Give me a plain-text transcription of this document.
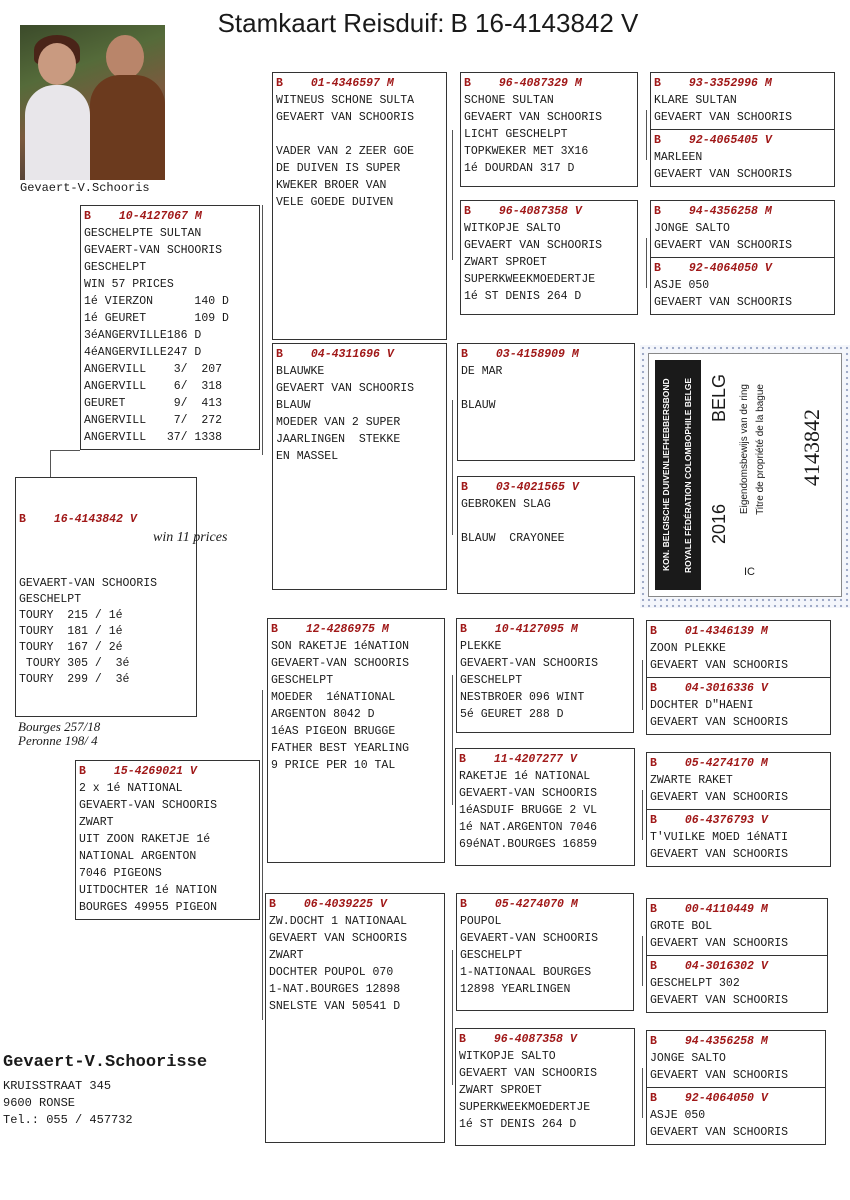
Stamkaart Reisduif: B 16-4143842 V
Gevaert-V.Schooris

B 16-4143842 V

GEVAERT-VAN SCHOORIS
GESCHELPT
TOURY  215 / 1é
TOURY  181 / 1é
TOURY  167 / 2é
TOURY 305 /  3é
TOURY  299 /  3é

win 11 prices
Bourges 257/18
Peronne 198/ 4
B 10-4127067 M
GESCHELPTE SULTAN
GEVAERT-VAN SCHOORIS
GESCHELPT
WIN 57 PRICES
1é VIERZON      140 D
1é GEURET       109 D
3éANGERVILLE186 D
4éANGERVILLE247 D
ANGERVILL    3/  207
ANGERVILL    6/  318
GEURET       9/  413
ANGERVILL    7/  272
ANGERVILL   37/ 1338
B 15-4269021 V
2 x 1é NATIONAL
GEVAERT-VAN SCHOORIS
ZWART
UIT ZOON RAKETJE 1é
NATIONAL ARGENTON
7046 PIGEONS
UITDOCHTER 1é NATION
BOURGES 49955 PIGEON
B 01-4346597 M
WITNEUS SCHONE SULTA
GEVAERT VAN SCHOORIS

VADER VAN 2 ZEER GOE
DE DUIVEN IS SUPER
KWEKER BROER VAN
VELE GOEDE DUIVEN
B 04-4311696 V
BLAUWKE
GEVAERT VAN SCHOORIS
BLAUW
MOEDER VAN 2 SUPER
JAARLINGEN  STEKKE
EN MASSEL
B 12-4286975 M
SON RAKETJE 1éNATION
GEVAERT-VAN SCHOORIS
GESCHELPT
MOEDER  1éNATIONAL
ARGENTON 8042 D
1éAS PIGEON BRUGGE
FATHER BEST YEARLING
9 PRICE PER 10 TAL
B 06-4039225 V
ZW.DOCHT 1 NATIONAAL
GEVAERT VAN SCHOORIS
ZWART
DOCHTER POUPOL 070
1-NAT.BOURGES 12898
SNELSTE VAN 50541 D
B 96-4087329 M
SCHONE SULTAN
GEVAERT VAN SCHOORIS
LICHT GESCHELPT
TOPKWEKER MET 3X16
1é DOURDAN 317 D
B 96-4087358 V
WITKOPJE SALTO
GEVAERT VAN SCHOORIS
ZWART SPROET
SUPERKWEEKMOEDERTJE
1é ST DENIS 264 D
B 03-4158909 M
DE MAR

BLAUW
B 03-4021565 V
GEBROKEN SLAG

BLAUW  CRAYONEE
B 10-4127095 M
PLEKKE
GEVAERT-VAN SCHOORIS
GESCHELPT
NESTBROER 096 WINT
5é GEURET 288 D
B 11-4207277 V
RAKETJE 1é NATIONAL
GEVAERT-VAN SCHOORIS
1éASDUIF BRUGGE 2 VL
1é NAT.ARGENTON 7046
69éNAT.BOURGES 16859
B 05-4274070 M
POUPOL
GEVAERT-VAN SCHOORIS
GESCHELPT
1-NATIONAAL BOURGES
12898 YEARLINGEN
B 96-4087358 V
WITKOPJE SALTO
GEVAERT VAN SCHOORIS
ZWART SPROET
SUPERKWEEKMOEDERTJE
1é ST DENIS 264 D
B 93-3352996 M
KLARE SULTAN
GEVAERT VAN SCHOORIS
B 92-4065405 V
MARLEEN
GEVAERT VAN SCHOORIS
B 94-4356258 M
JONGE SALTO
GEVAERT VAN SCHOORIS
B 92-4064050 V
ASJE 050
GEVAERT VAN SCHOORIS
B 01-4346139 M
ZOON PLEKKE
GEVAERT VAN SCHOORIS
B 04-3016336 V
DOCHTER D"HAENI
GEVAERT VAN SCHOORIS
B 05-4274170 M
ZWARTE RAKET
GEVAERT VAN SCHOORIS
B 06-4376793 V
T'VUILKE MOED 1éNATI
GEVAERT VAN SCHOORIS
B 00-4110449 M
GROTE BOL
GEVAERT VAN SCHOORIS
B 04-3016302 V
GESCHELPT 302
GEVAERT VAN SCHOORIS
B 94-4356258 M
JONGE SALTO
GEVAERT VAN SCHOORIS
B 92-4064050 V
ASJE 050
GEVAERT VAN SCHOORIS
KON. BELGISCHE DUIVENLIEFHEBBERSBOND	ROYALE FÉDÉRATION COLOMBOPHILE BELGE 2016
BELG Eigendomsbewijs van de ring Titre de propriété de la bague 4143842
IC
Gevaert-V.Schoorisse
KRUISSTRAAT 345
9600 RONSE
Tel.: 055 / 457732
